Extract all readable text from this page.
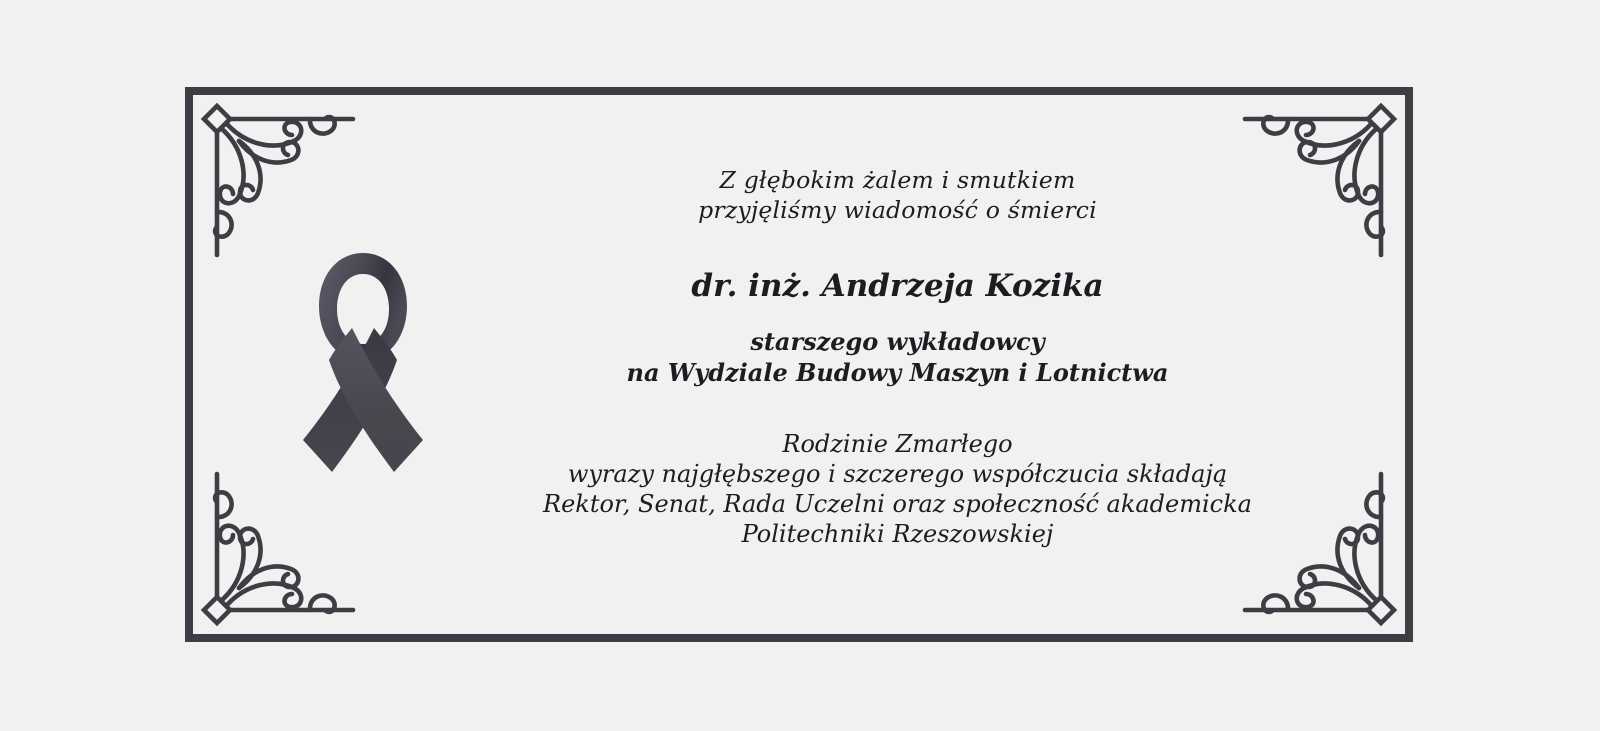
Z głębokim żalem i smutkiem
przyjęliśmy wiadomość o śmierci
dr. inż. Andrzeja Kozika
starszego wykładowcy
na Wydziale Budowy Maszyn i Lotnictwa
Rodzinie Zmarłego
wyrazy najgłębszego i szczerego współczucia składają
Rektor, Senat, Rada Uczelni oraz społeczność akademicka
Politechniki Rzeszowskiej
